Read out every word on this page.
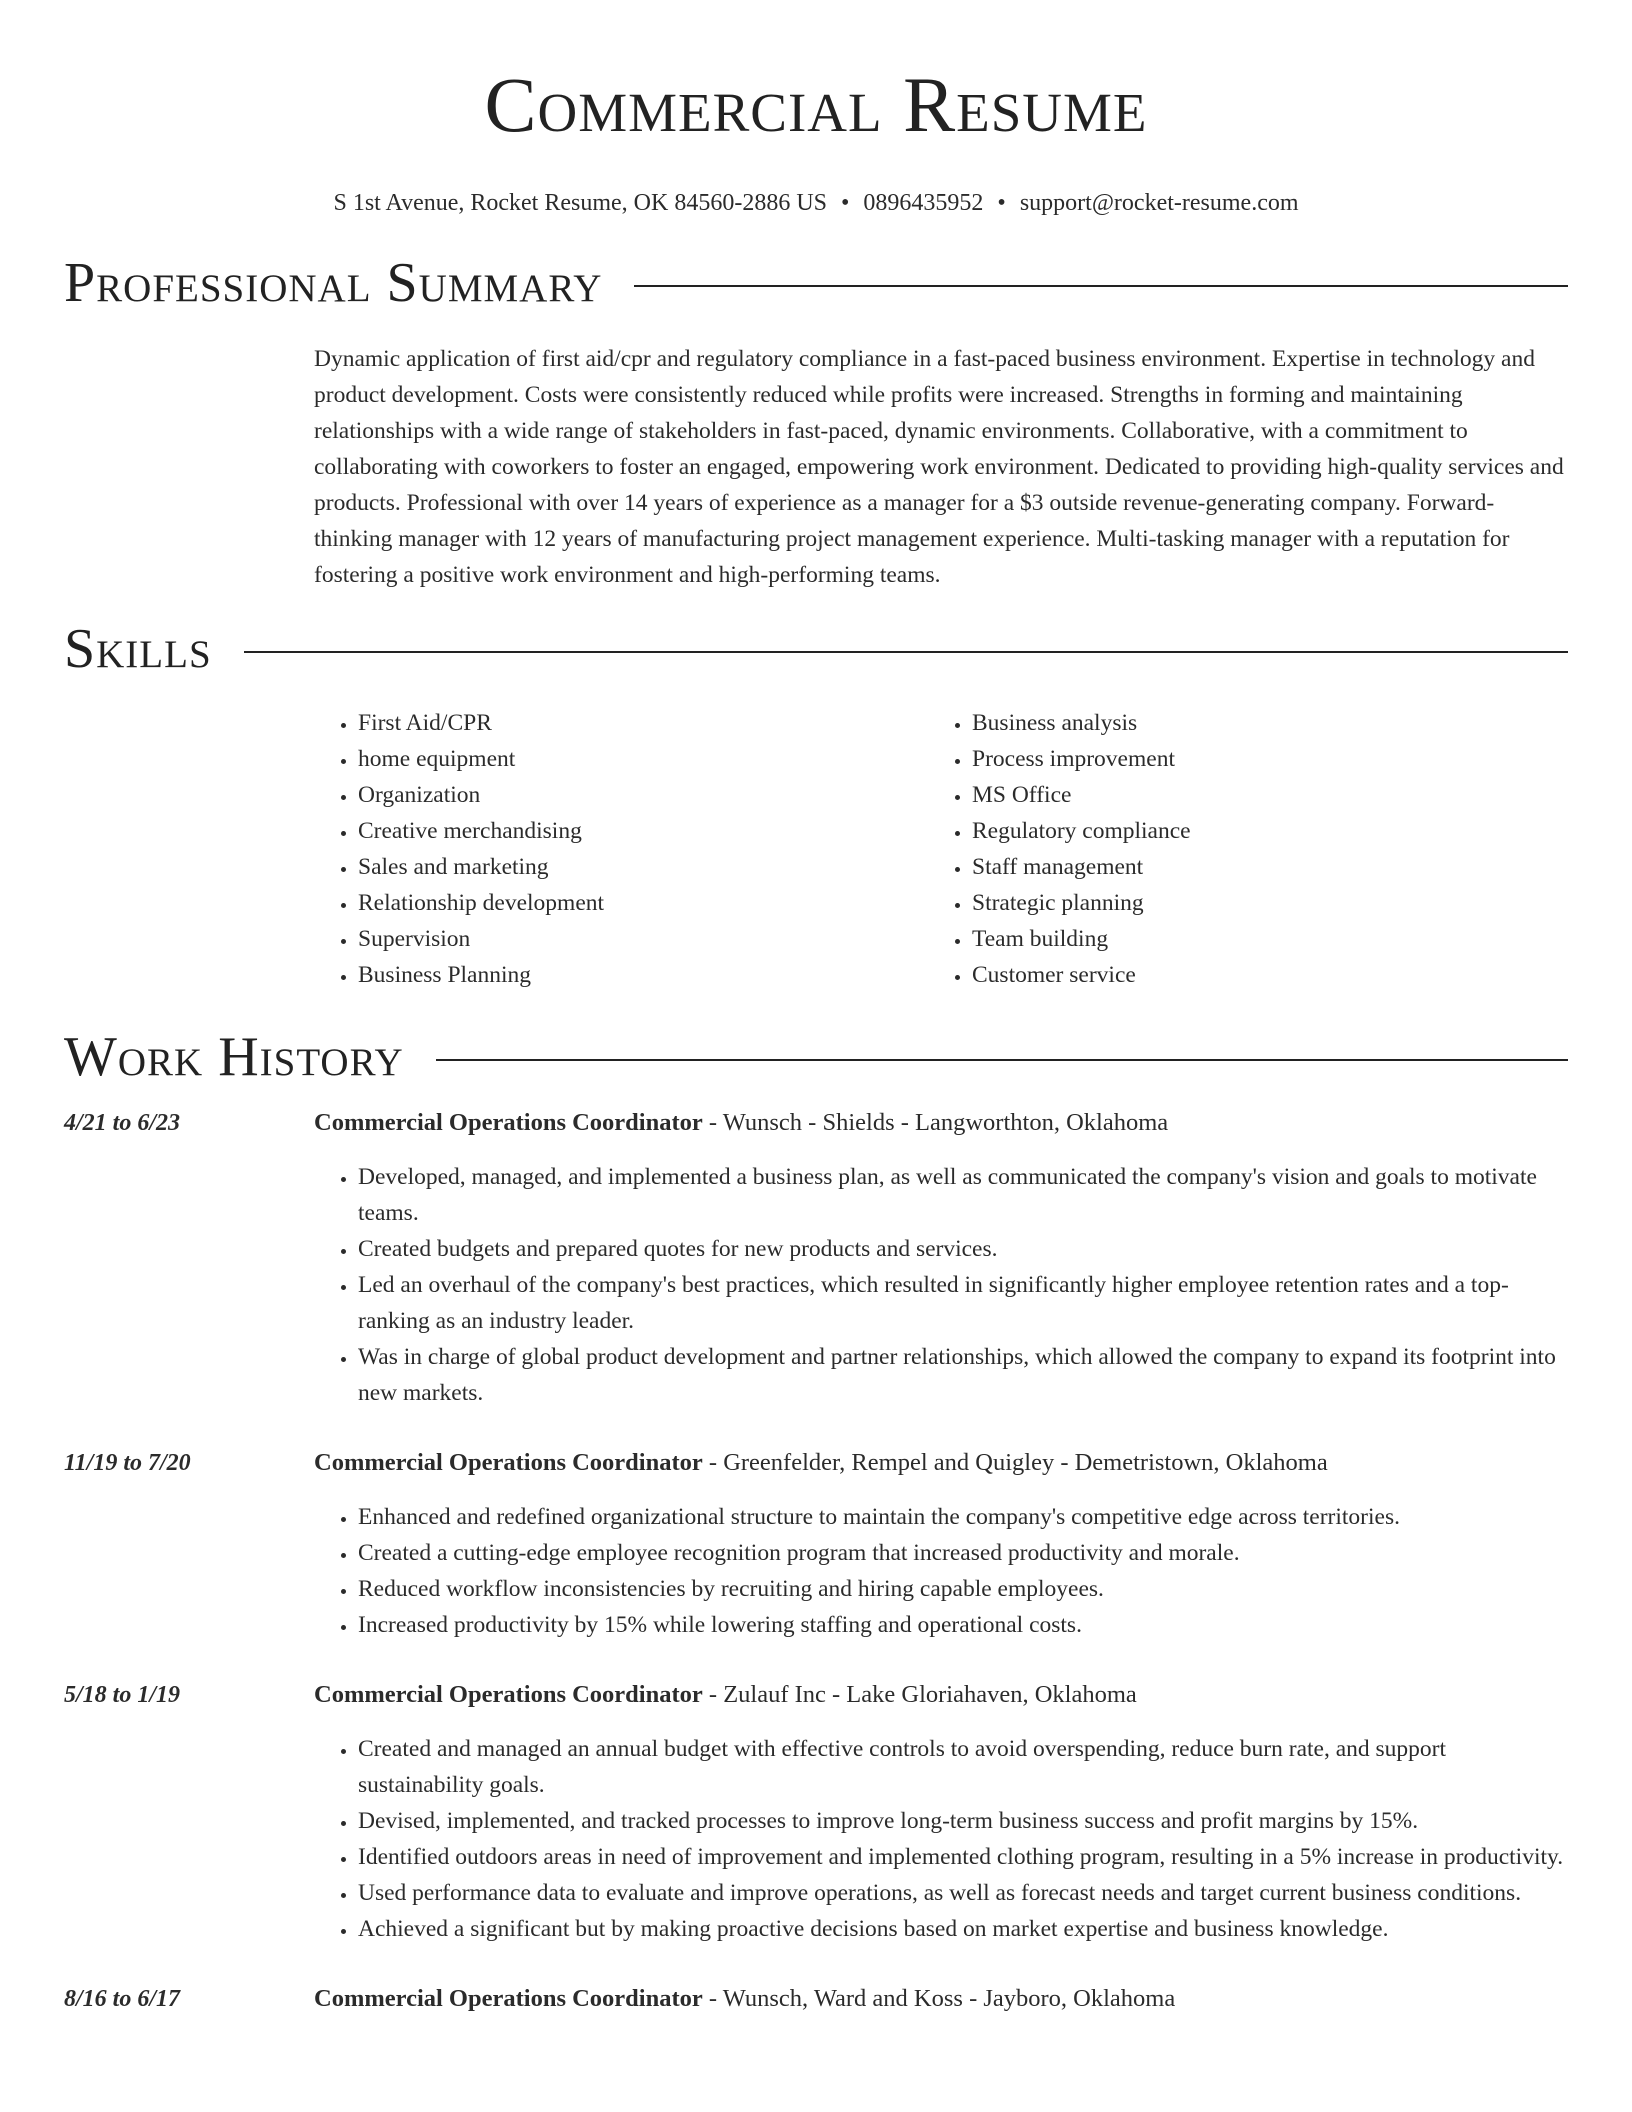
Commercial Resume
S 1st Avenue, Rocket Resume, OK 84560-2886 US • 0896435952 • support@rocket-resume.com
Professional Summary
Dynamic application of first aid/cpr and regulatory compliance in a fast-paced business environment. Expertise in technology and product development. Costs were consistently reduced while profits were increased. Strengths in forming and maintaining relationships with a wide range of stakeholders in fast-paced, dynamic environments. Collaborative, with a commitment to collaborating with coworkers to foster an engaged, empowering work environment. Dedicated to providing high-quality services and products. Professional with over 14 years of experience as a manager for a $3 outside revenue-generating company. Forward-thinking manager with 12 years of manufacturing project management experience. Multi-tasking manager with a reputation for fostering a positive work environment and high-performing teams.
Skills
• First Aid/CPR
• home equipment
• Organization
• Creative merchandising
• Sales and marketing
• Relationship development
• Supervision
• Business Planning
• Business analysis
• Process improvement
• MS Office
• Regulatory compliance
• Staff management
• Strategic planning
• Team building
• Customer service
Work History
4/21 to 6/23	Commercial Operations Coordinator - Wunsch - Shields - Langworthton, Oklahoma
• Developed, managed, and implemented a business plan, as well as communicated the company's vision and goals to motivate teams.
• Created budgets and prepared quotes for new products and services.
• Led an overhaul of the company's best practices, which resulted in significantly higher employee retention rates and a top-ranking as an industry leader.
• Was in charge of global product development and partner relationships, which allowed the company to expand its footprint into new markets.
11/19 to 7/20	Commercial Operations Coordinator - Greenfelder, Rempel and Quigley - Demetristown, Oklahoma
• Enhanced and redefined organizational structure to maintain the company's competitive edge across territories.
• Created a cutting-edge employee recognition program that increased productivity and morale.
• Reduced workflow inconsistencies by recruiting and hiring capable employees.
• Increased productivity by 15% while lowering staffing and operational costs.
5/18 to 1/19	Commercial Operations Coordinator - Zulauf Inc - Lake Gloriahaven, Oklahoma
• Created and managed an annual budget with effective controls to avoid overspending, reduce burn rate, and support sustainability goals.
• Devised, implemented, and tracked processes to improve long-term business success and profit margins by 15%.
• Identified outdoors areas in need of improvement and implemented clothing program, resulting in a 5% increase in productivity.
• Used performance data to evaluate and improve operations, as well as forecast needs and target current business conditions.
• Achieved a significant but by making proactive decisions based on market expertise and business knowledge.
8/16 to 6/17	Commercial Operations Coordinator - Wunsch, Ward and Koss - Jayboro, Oklahoma
